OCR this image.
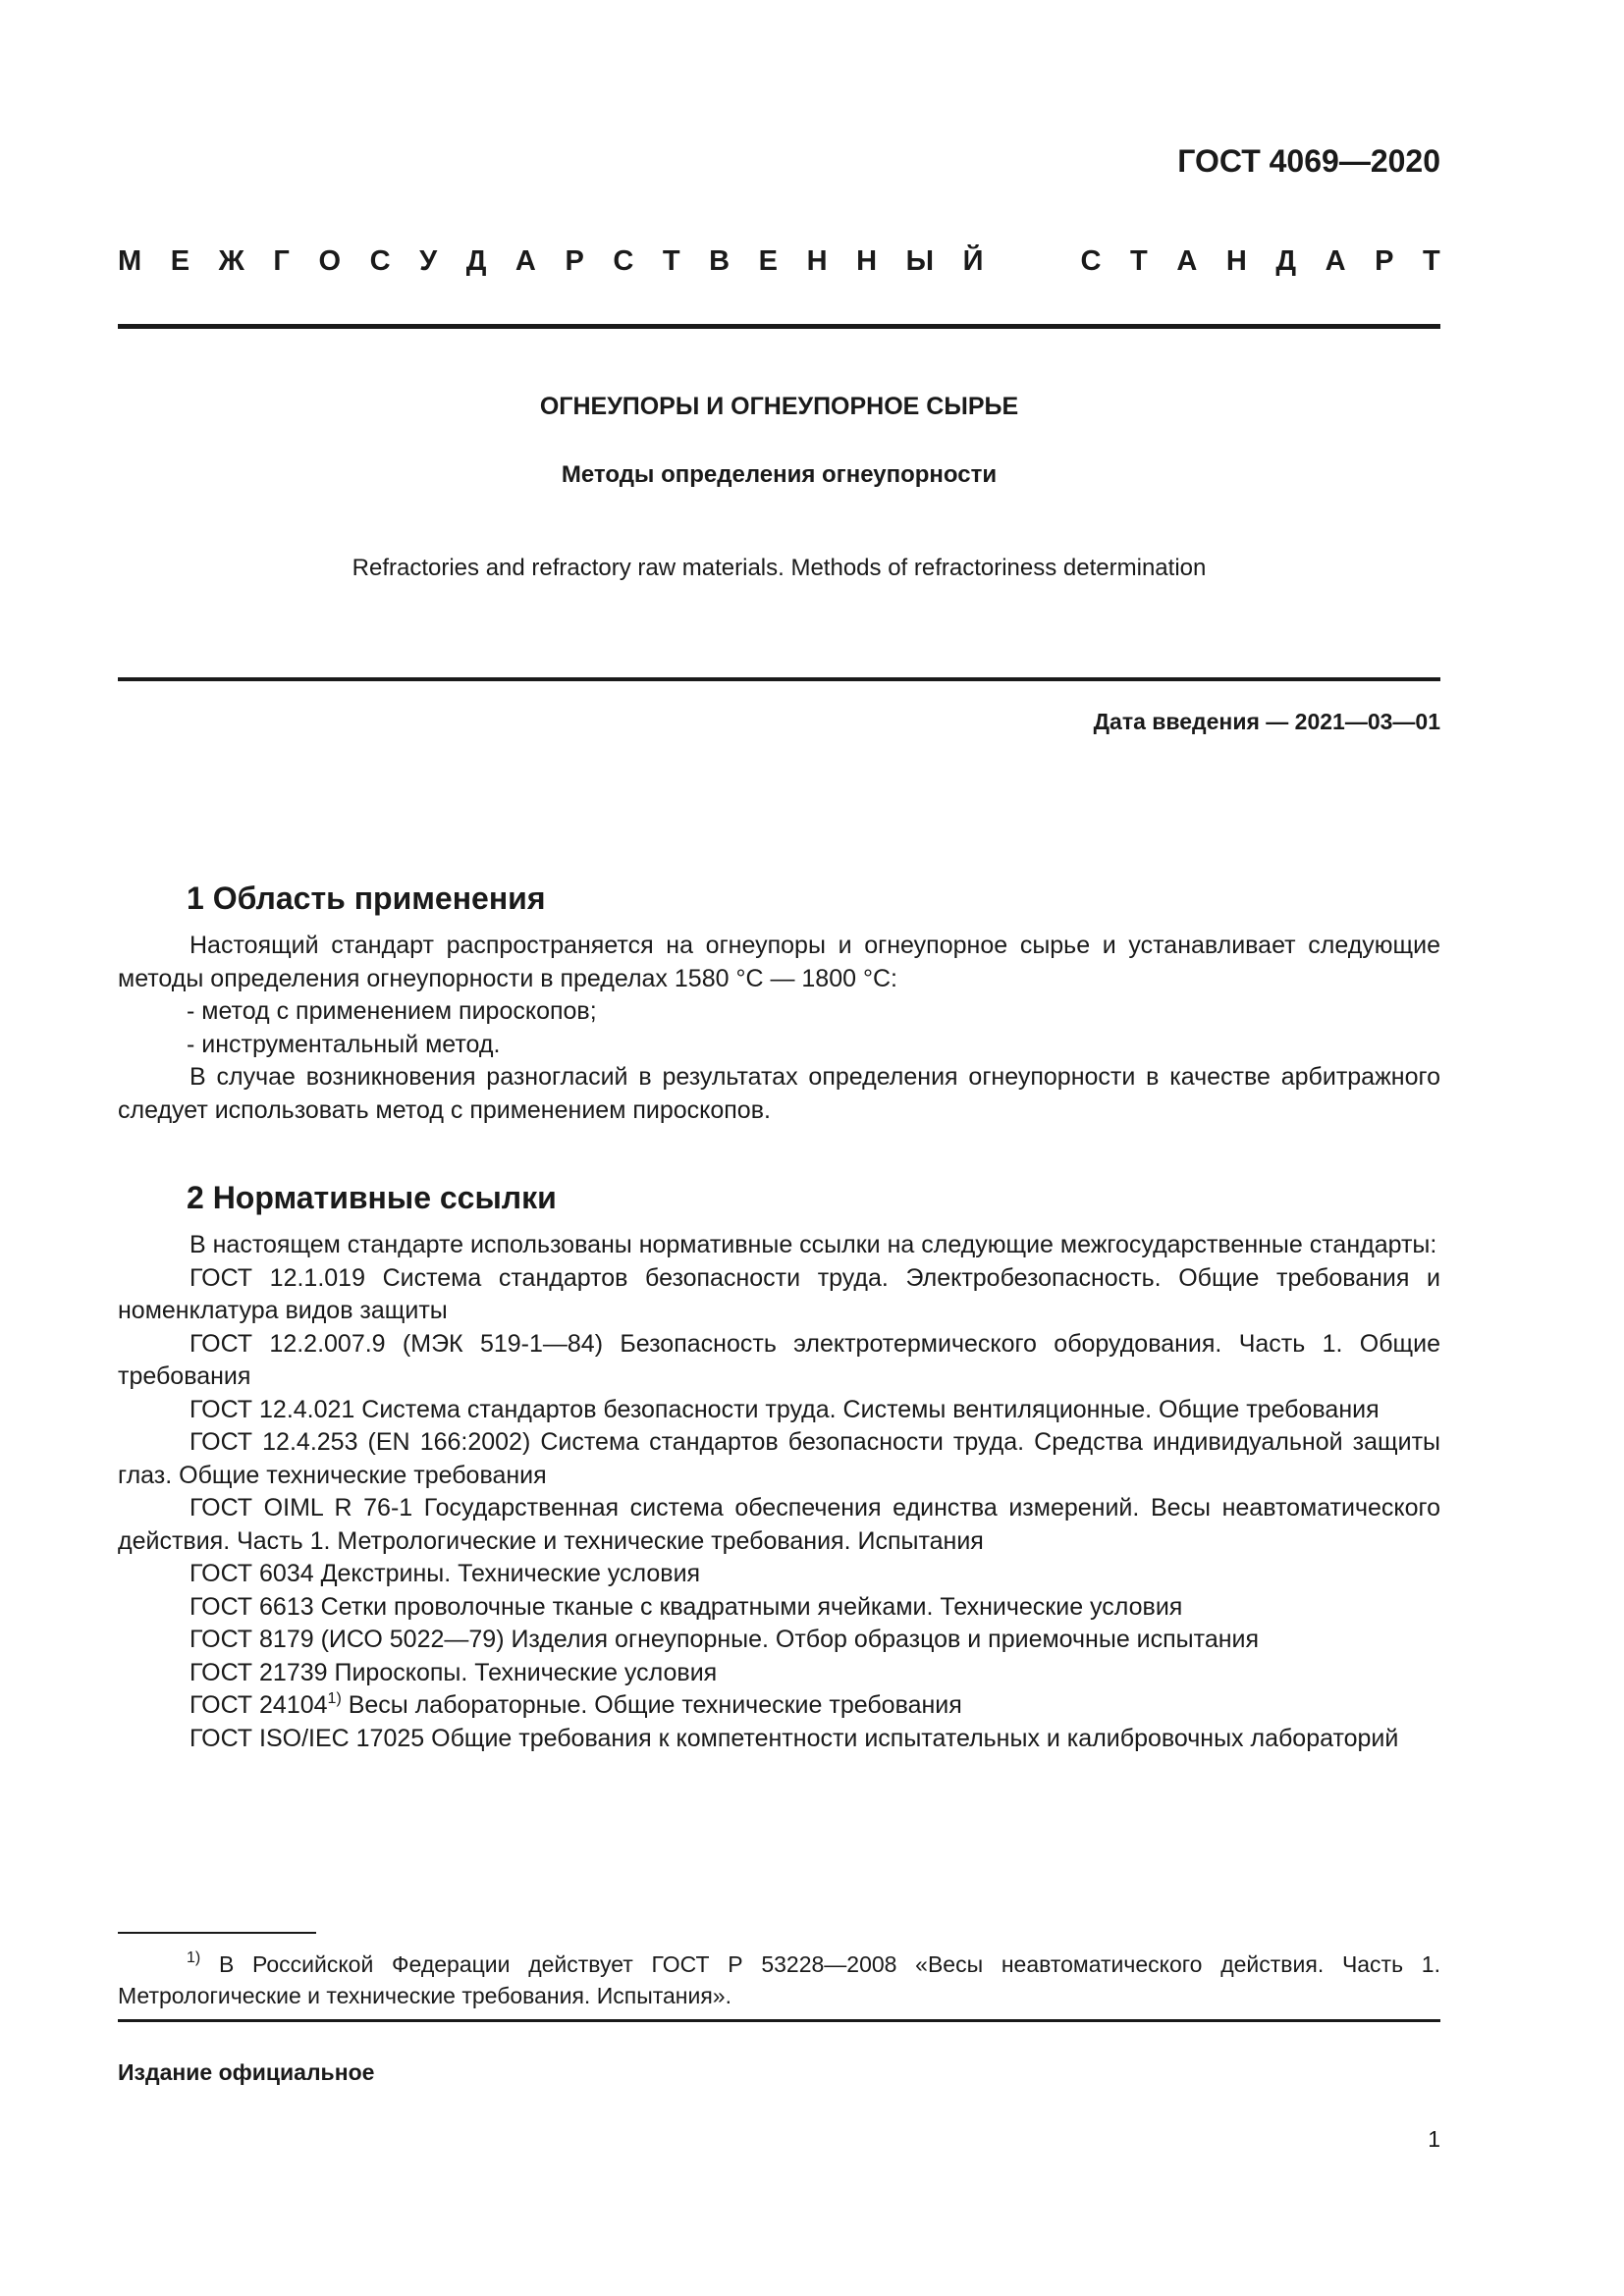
ГОСТ 4069—2020
М Е Ж Г О С У Д А Р С Т В Е Н Н Ы Й	С Т А Н Д А Р Т
ОГНЕУПОРЫ И ОГНЕУПОРНОЕ СЫРЬЕ
Методы определения огнеупорности
Refractories and refractory raw materials. Methods of refractoriness determination
Дата введения — 2021—03—01
1 Область применения

Настоящий стандарт распространяется на огнеупоры и огнеупорное сырье и устанавливает следующие методы определения огнеупорности в пределах 1580 °C — 1800 °C:

- метод с применением пироскопов;

- инструментальный метод.

В случае возникновения разногласий в результатах определения огнеупорности в качестве арбитражного следует использовать метод с применением пироскопов.

2 Нормативные ссылки

В настоящем стандарте использованы нормативные ссылки на следующие межгосударственные стандарты:

ГОСТ 12.1.019 Система стандартов безопасности труда. Электробезопасность. Общие требования и номенклатура видов защиты

ГОСТ 12.2.007.9 (МЭК 519-1—84) Безопасность электротермического оборудования. Часть 1. Общие требования

ГОСТ 12.4.021 Система стандартов безопасности труда. Системы вентиляционные. Общие требования

ГОСТ 12.4.253 (EN 166:2002) Система стандартов безопасности труда. Средства индивидуальной защиты глаз. Общие технические требования

ГОСТ OIML R 76-1 Государственная система обеспечения единства измерений. Весы неавтоматического действия. Часть 1. Метрологические и технические требования. Испытания

ГОСТ 6034 Декстрины. Технические условия

ГОСТ 6613 Сетки проволочные тканые с квадратными ячейками. Технические условия

ГОСТ 8179 (ИСО 5022—79) Изделия огнеупорные. Отбор образцов и приемочные испытания

ГОСТ 21739 Пироскопы. Технические условия

ГОСТ 24104$^{1)}$ Весы лабораторные. Общие технические требования

ГОСТ ISO/IEC 17025 Общие требования к компетентности испытательных и калибровочных лабораторий

$^{1)}$ В Российской Федерации действует ГОСТ Р 53228—2008 «Весы неавтоматического действия. Часть 1. Метрологические и технические требования. Испытания».
Издание официальное
1
